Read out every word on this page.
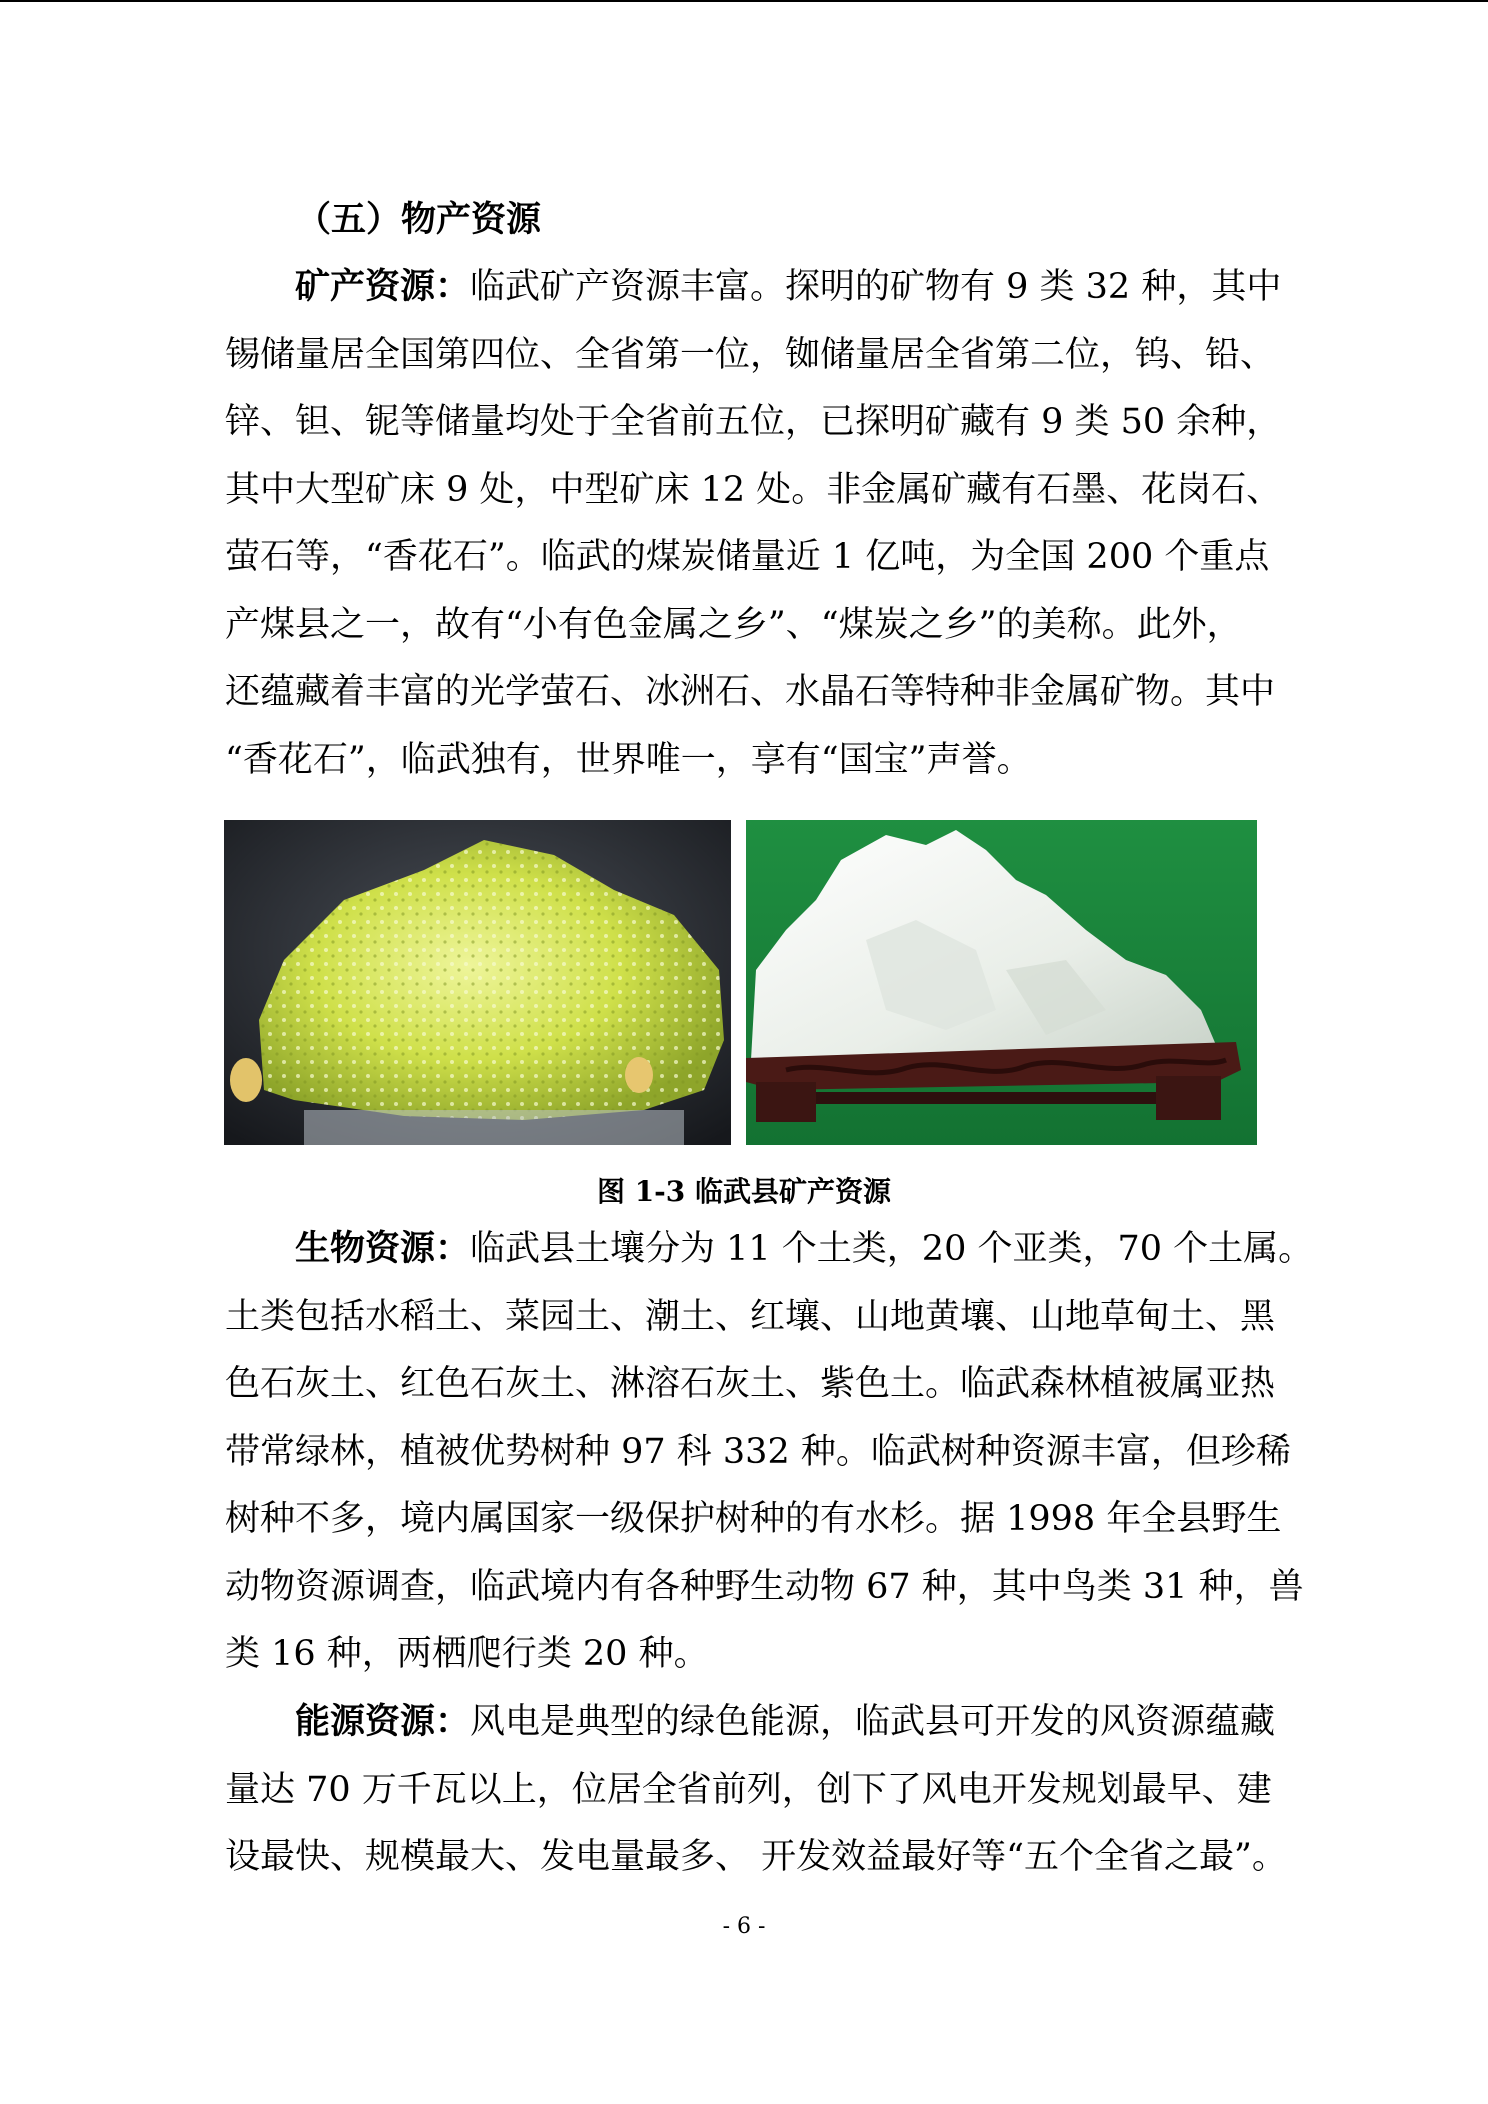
（五）物产资源
矿产资源：临武矿产资源丰富。探明的矿物有 9 类 32 种，其中
锡储量居全国第四位、全省第一位，铷储量居全省第二位，钨、铅、
锌、钽、铌等储量均处于全省前五位，已探明矿藏有 9 类 50 余种，
其中大型矿床 9 处，中型矿床 12 处。非金属矿藏有石墨、花岗石、
萤石等，“香花石”。临武的煤炭储量近 1 亿吨，为全国 200 个重点
产煤县之一，故有“小有色金属之乡”、“煤炭之乡”的美称。此外，
还蕴藏着丰富的光学萤石、冰洲石、水晶石等特种非金属矿物。其中
“香花石”，临武独有，世界唯一，享有“国宝”声誉。
图 1-3 临武县矿产资源
生物资源：临武县土壤分为 11 个土类，20 个亚类，70 个土属。
土类包括水稻土、菜园土、潮土、红壤、山地黄壤、山地草甸土、黑
色石灰土、红色石灰土、淋溶石灰土、紫色土。临武森林植被属亚热
带常绿林，植被优势树种 97 科 332 种。临武树种资源丰富，但珍稀
树种不多，境内属国家一级保护树种的有水杉。据 1998 年全县野生
动物资源调查，临武境内有各种野生动物 67 种，其中鸟类 31 种，兽
类 16 种，两栖爬行类 20 种。
能源资源：风电是典型的绿色能源，临武县可开发的风资源蕴藏
量达 70 万千瓦以上，位居全省前列，创下了风电开发规划最早、建
设最快、规模最大、发电量最多、 开发效益最好等“五个全省之最”。
- 6 -
